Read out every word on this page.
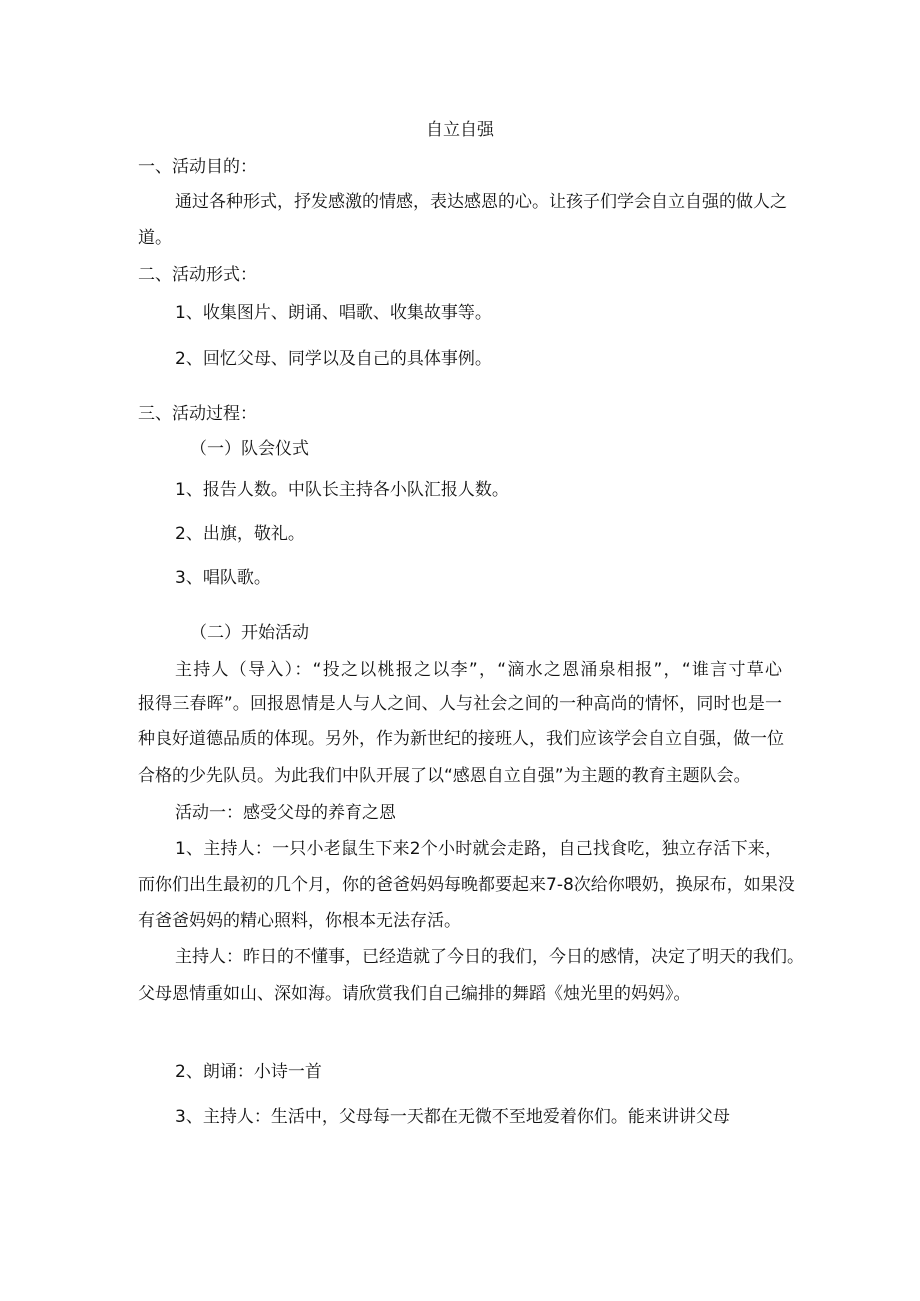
自立自强
一、活动目的：
通过各种形式，抒发感激的情感，表达感恩的心。让孩子们学会自立自强的做人之
道。
二、活动形式：
1、收集图片、朗诵、唱歌、收集故事等。
2、回忆父母、同学以及自己的具体事例。
三、活动过程：
（一）队会仪式
1、报告人数。中队长主持各小队汇报人数。
2、出旗，敬礼。
3、唱队歌。
（二）开始活动
主持人（导入）：“投之以桃报之以李”，“滴水之恩涌泉相报”，“谁言寸草心
报得三春晖”。回报恩情是人与人之间、人与社会之间的一种高尚的情怀，同时也是一
种良好道德品质的体现。另外，作为新世纪的接班人，我们应该学会自立自强，做一位
合格的少先队员。为此我们中队开展了以“感恩自立自强”为主题的教育主题队会。
活动一：感受父母的养育之恩
1、主持人：一只小老鼠生下来2个小时就会走路，自己找食吃，独立存活下来，
而你们出生最初的几个月，你的爸爸妈妈每晚都要起来7-8次给你喂奶，换尿布，如果没
有爸爸妈妈的精心照料，你根本无法存活。
主持人：昨日的不懂事，已经造就了今日的我们，今日的感情，决定了明天的我们。
父母恩情重如山、深如海。请欣赏我们自己编排的舞蹈《烛光里的妈妈》。
2、朗诵：小诗一首
3、主持人：生活中，父母每一天都在无微不至地爱着你们。能来讲讲父母
